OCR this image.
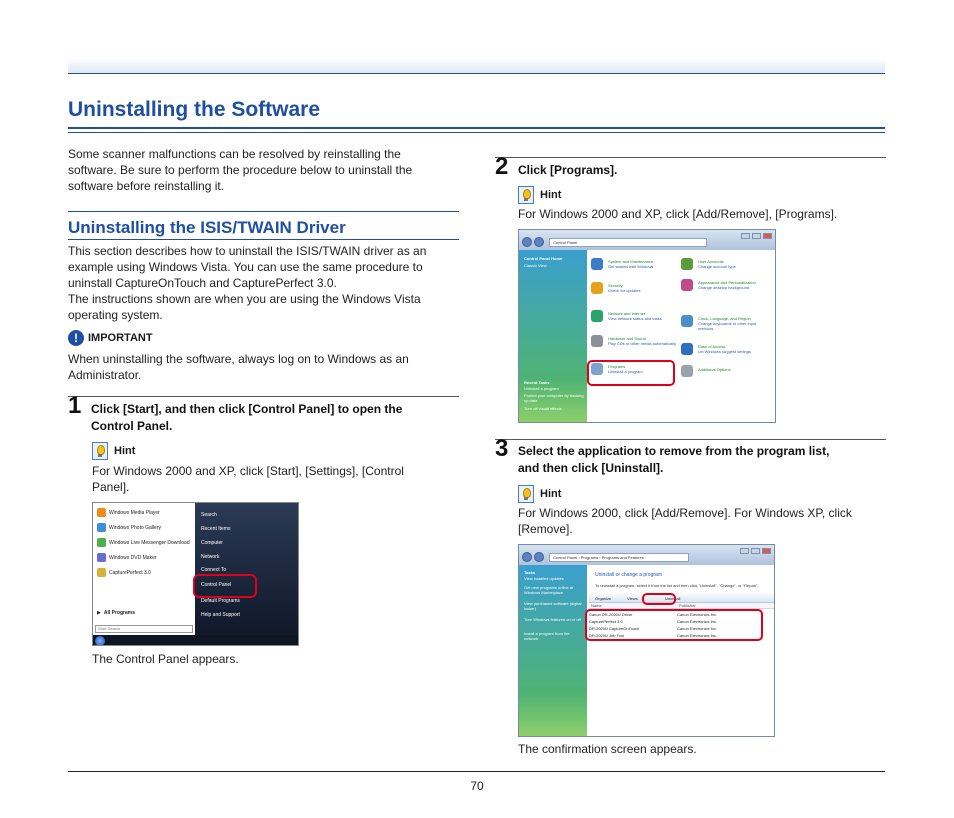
Uninstalling the Software
Some scanner malfunctions can be resolved by reinstalling the
software. Be sure to perform the procedure below to uninstall the
software before reinstalling it.
Uninstalling the ISIS/TWAIN Driver
This section describes how to uninstall the ISIS/TWAIN driver as an
example using Windows Vista. You can use the same procedure to
uninstall CaptureOnTouch and CapturePerfect 3.0.
The instructions shown are when you are using the Windows Vista
operating system.
! IMPORTANT
When uninstalling the software, always log on to Windows as an
Administrator.
1 Click [Start], and then click [Control Panel] to open the
Control Panel.
Hint
For Windows 2000 and XP, click [Start], [Settings], [Control
Panel].
Windows Media Player
Windows Photo Gallery
Windows Live Messenger Download
Windows DVD Maker
CapturePerfect 3.0
▶ All Programs
Start Search
Search
Recent Items
Computer
Network
Connect To
Control Panel
Default Programs
Help and Support
The Control Panel appears.
2 Click [Programs].
Hint
For Windows 2000 and XP, click [Add/Remove], [Programs].
Control Panel
Control Panel Home
Classic View
Recent Tasks
Uninstall a program
Protect your computer by backing up data
Turn off visual effects
System and Maintenance
Get started with Windows
Security
Check for updates
Network and Internet
View network status and tasks
Hardware and Sound
Play CDs or other media automatically
Programs
Uninstall a program
User Accounts
Change account type
Appearance and Personalization
Change desktop background
Clock, Language, and Region
Change keyboards or other input methods
Ease of Access
Let Windows suggest settings
Additional Options
3 Select the application to remove from the program list,
and then click [Uninstall].
Hint
For Windows 2000, click [Add/Remove]. For Windows XP, click
[Remove].
Control Panel › Programs › Programs and Features
Tasks
View installed updates
Get new programs online at Windows Marketplace
View purchased software (digital locker)
Turn Windows features on or off
Install a program from the network
Uninstall or change a program
To uninstall a program, select it from the list and then click "Uninstall", "Change", or "Repair".
Organize	Views	Uninstall
Name	Publisher
Canon DR-2020U Driver	Canon Electronics Inc.
CapturePerfect 3.0	Canon Electronics Inc.
DR-2020U CaptureOnTouch	Canon Electronics Inc.
DR-2020U Job Tool	Canon Electronics Inc.
The confirmation screen appears.
70
